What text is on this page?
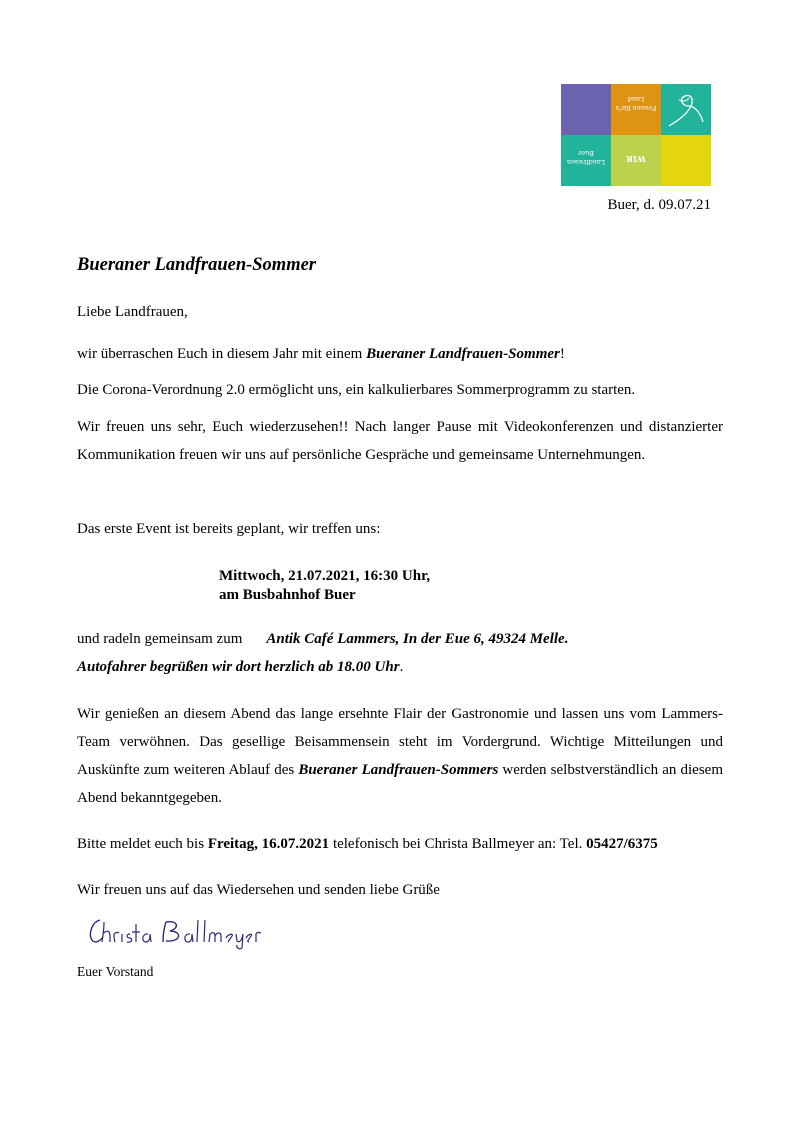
Frauen für's
Land
Landfrauen
Buer
WIR
Buer, d. 09.07.21
Bueraner Landfrauen-Sommer

Liebe Landfrauen,

wir überraschen Euch in diesem Jahr mit einem Bueraner Landfrauen-Sommer!

Die Corona-Verordnung 2.0 ermöglicht uns, ein kalkulierbares Sommerprogramm zu starten.

Wir freuen uns sehr, Euch wiederzusehen!! Nach langer Pause mit Videokonferenzen und distanzierter Kommunikation freuen wir uns auf persönliche Gespräche und gemeinsame Unternehmungen.

Das erste Event ist bereits geplant, wir treffen uns:

Mittwoch, 21.07.2021, 16:30 Uhr,
am Busbahnhof Buer
und radeln gemeinsam zum Antik Café Lammers, In der Eue 6, 49324 Melle.
Autofahrer begrüßen wir dort herzlich ab 18.00 Uhr.

Wir genießen an diesem Abend das lange ersehnte Flair der Gastronomie und lassen uns vom Lammers-Team verwöhnen. Das gesellige Beisammensein steht im Vordergrund. Wichtige Mitteilungen und Auskünfte zum weiteren Ablauf des Bueraner Landfrauen-Sommers werden selbstverständlich an diesem Abend bekanntgegeben.

Bitte meldet euch bis Freitag, 16.07.2021 telefonisch bei Christa Ballmeyer an: Tel. 05427/6375

Wir freuen uns auf das Wiedersehen und senden liebe Grüße

Euer Vorstand
